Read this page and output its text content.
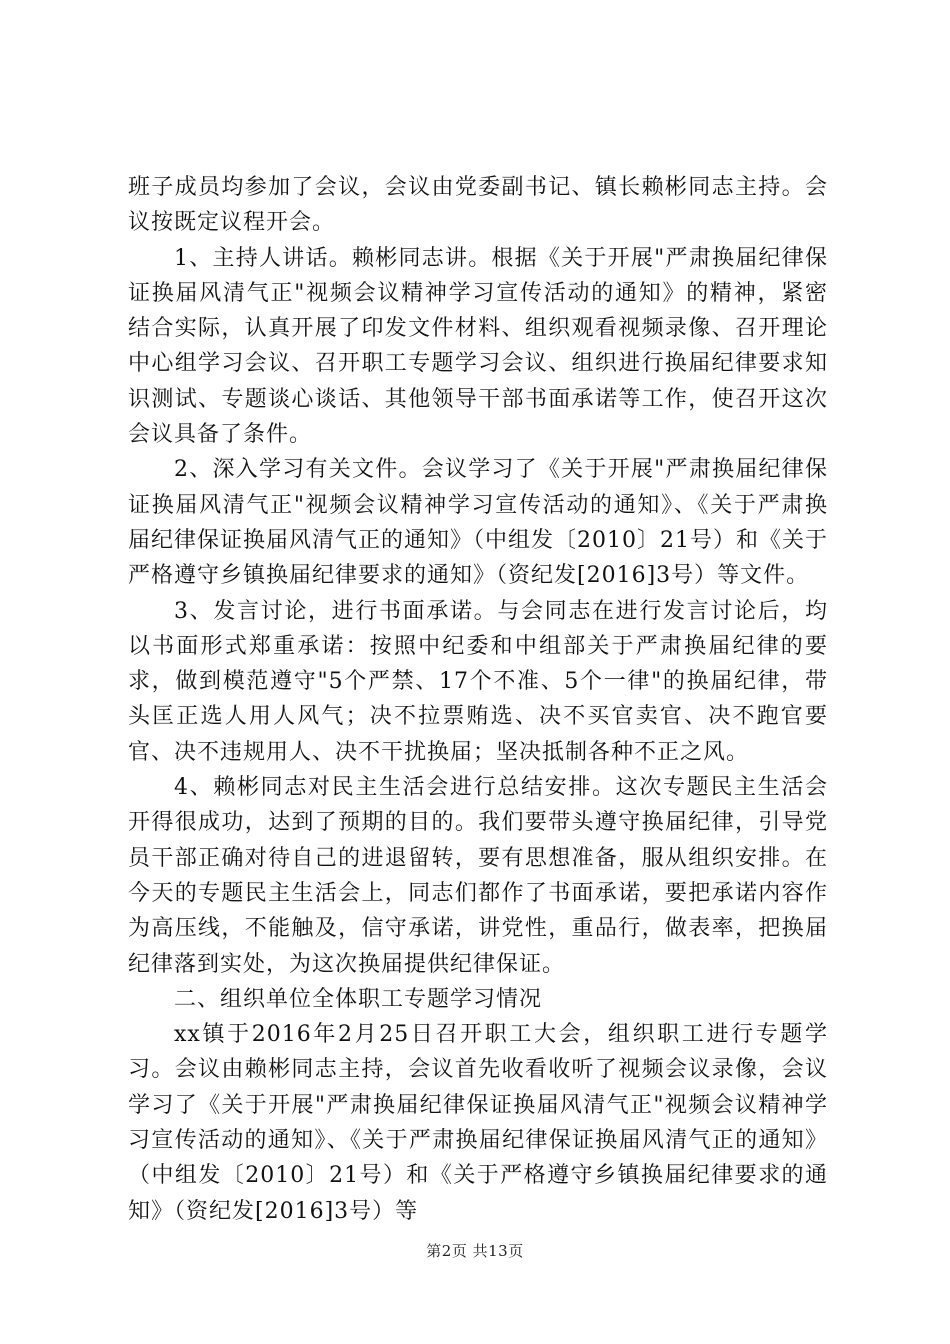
班子成员均参加了会议，会议由党委副书记、镇长赖彬同志主持。会议按既定议程开会。

1、主持人讲话。赖彬同志讲。根据《关于开展"严肃换届纪律保证换届风清气正"视频会议精神学习宣传活动的通知》的精神，紧密结合实际，认真开展了印发文件材料、组织观看视频录像、召开理论中心组学习会议、召开职工专题学习会议、组织进行换届纪律要求知识测试、专题谈心谈话、其他领导干部书面承诺等工作，使召开这次会议具备了条件。

2、深入学习有关文件。会议学习了《关于开展"严肃换届纪律保证换届风清气正"视频会议精神学习宣传活动的通知》、《关于严肃换届纪律保证换届风清气正的通知》（中组发〔2010〕21号）和《关于严格遵守乡镇换届纪律要求的通知》（资纪发[2016]3号）等文件。

3、发言讨论，进行书面承诺。与会同志在进行发言讨论后，均以书面形式郑重承诺：按照中纪委和中组部关于严肃换届纪律的要求，做到模范遵守"5个严禁、17个不准、5个一律"的换届纪律，带头匡正选人用人风气；决不拉票贿选、决不买官卖官、决不跑官要官、决不违规用人、决不干扰换届；坚决抵制各种不正之风。

4、赖彬同志对民主生活会进行总结安排。这次专题民主生活会开得很成功，达到了预期的目的。我们要带头遵守换届纪律，引导党员干部正确对待自己的进退留转，要有思想准备，服从组织安排。在今天的专题民主生活会上，同志们都作了书面承诺，要把承诺内容作为高压线，不能触及，信守承诺，讲党性，重品行，做表率，把换届纪律落到实处，为这次换届提供纪律保证。

二、组织单位全体职工专题学习情况

xx镇于2016年2月25日召开职工大会，组织职工进行专题学习。会议由赖彬同志主持，会议首先收看收听了视频会议录像，会议学习了《关于开展"严肃换届纪律保证换届风清气正"视频会议精神学习宣传活动的通知》、《关于严肃换届纪律保证换届风清气正的通知》（中组发〔2010〕21号）和《关于严格遵守乡镇换届纪律要求的通知》（资纪发[2016]3号）等

第2页 共13页
